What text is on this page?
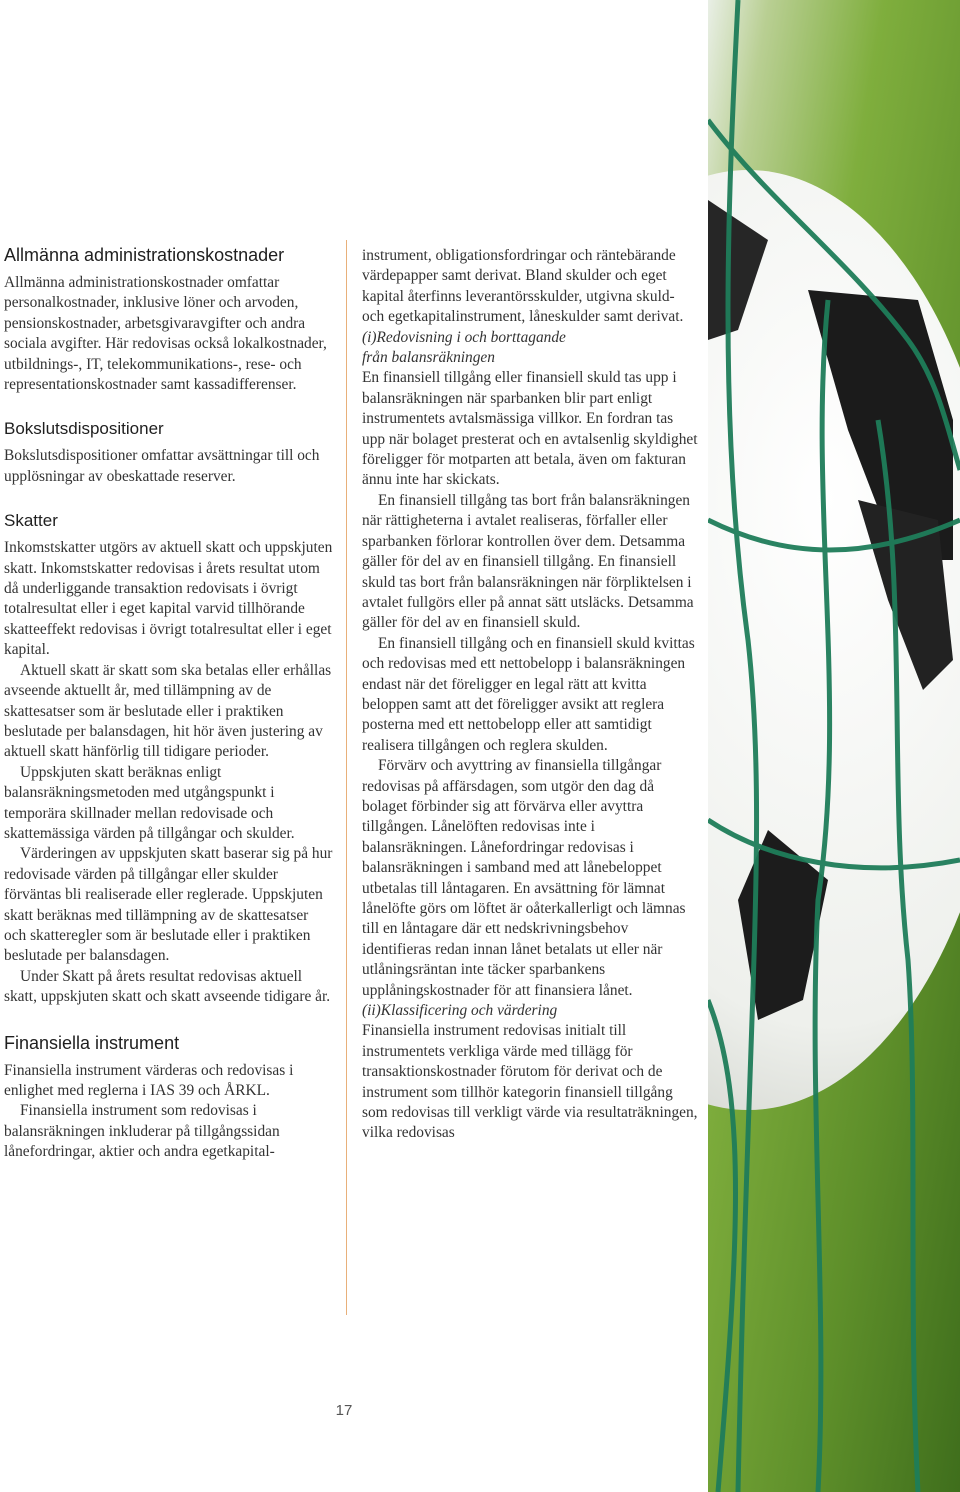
Allmänna administrationskostnader

Allmänna administrationskostnader omfattar personalkostnader, inklusive löner och arvoden, pensionskostnader, arbetsgivaravgifter och andra sociala avgifter. Här redovisas också lokalkostnader, utbildnings-, IT, telekommunikations-, rese- och representationskostnader samt kassadifferenser.

Bokslutsdispositioner

Bokslutsdispositioner omfattar avsättningar till och upplösningar av obeskattade reserver.

Skatter

Inkomstskatter utgörs av aktuell skatt och uppskjuten skatt. Inkomstskatter redovisas i årets resultat utom då underliggande transaktion redovisats i övrigt totalresultat eller i eget kapital varvid tillhörande skatteeffekt redovisas i övrigt totalresultat eller i eget kapital.

Aktuell skatt är skatt som ska betalas eller erhållas avseende aktuellt år, med tillämpning av de skattesatser som är beslutade eller i praktiken beslutade per balansdagen, hit hör även justering av aktuell skatt hänförlig till tidigare perioder.

Uppskjuten skatt beräknas enligt balansräkningsmetoden med utgångspunkt i temporära skillnader mellan redovisade och skattemässiga värden på tillgångar och skulder.

Värderingen av uppskjuten skatt baserar sig på hur redovisade värden på tillgångar eller skulder förväntas bli realiserade eller reglerade. Uppskjuten skatt beräknas med tillämpning av de skattesatser och skatteregler som är beslutade eller i praktiken beslutade per balansdagen.

Under Skatt på årets resultat redovisas aktuell skatt, uppskjuten skatt och skatt avseende tidigare år.

Finansiella instrument

Finansiella instrument värderas och redovisas i enlighet med reglerna i IAS 39 och ÅRKL.

Finansiella instrument som redovisas i balansräkningen inkluderar på tillgångssidan lånefordringar, aktier och andra egetkapital-

instrument, obligationsfordringar och räntebärande värdepapper samt derivat. Bland skulder och eget kapital återfinns leverantörsskulder, utgivna skuld- och egetkapitalinstrument, låneskulder samt derivat.

(i)Redovisning i och borttagande

från balansräkningen

En finansiell tillgång eller finansiell skuld tas upp i balansräkningen när sparbanken blir part enligt instrumentets avtalsmässiga villkor. En fordran tas upp när bolaget presterat och en avtalsenlig skyldighet föreligger för motparten att betala, även om fakturan ännu inte har skickats.

En finansiell tillgång tas bort från balansräkningen när rättigheterna i avtalet realiseras, förfaller eller sparbanken förlorar kontrollen över dem. Detsamma gäller för del av en finansiell tillgång. En finansiell skuld tas bort från balansräkningen när förpliktelsen i avtalet fullgörs eller på annat sätt utsläcks. Detsamma gäller för del av en finansiell skuld.

En finansiell tillgång och en finansiell skuld kvittas och redovisas med ett nettobelopp i balansräkningen endast när det föreligger en legal rätt att kvitta beloppen samt att det föreligger avsikt att reglera posterna med ett nettobelopp eller att samtidigt realisera tillgången och reglera skulden.

Förvärv och avyttring av finansiella tillgångar redovisas på affärsdagen, som utgör den dag då bolaget förbinder sig att förvärva eller avyttra tillgången. Lånelöften redovisas inte i balansräkningen. Lånefordringar redovisas i balansräkningen i samband med att lånebeloppet utbetalas till låntagaren. En avsättning för lämnat lånelöfte görs om löftet är oåterkallerligt och lämnas till en låntagare där ett nedskrivningsbehov identifieras redan innan lånet betalats ut eller när utlåningsräntan inte täcker sparbankens upplåningskostnader för att finansiera lånet.

(ii)Klassificering och värdering

Finansiella instrument redovisas initialt till instrumentets verkliga värde med tillägg för transaktionskostnader förutom för derivat och de instrument som tillhör kategorin finansiell tillgång som redovisas till verkligt värde via resultaträkningen, vilka redovisas

17
